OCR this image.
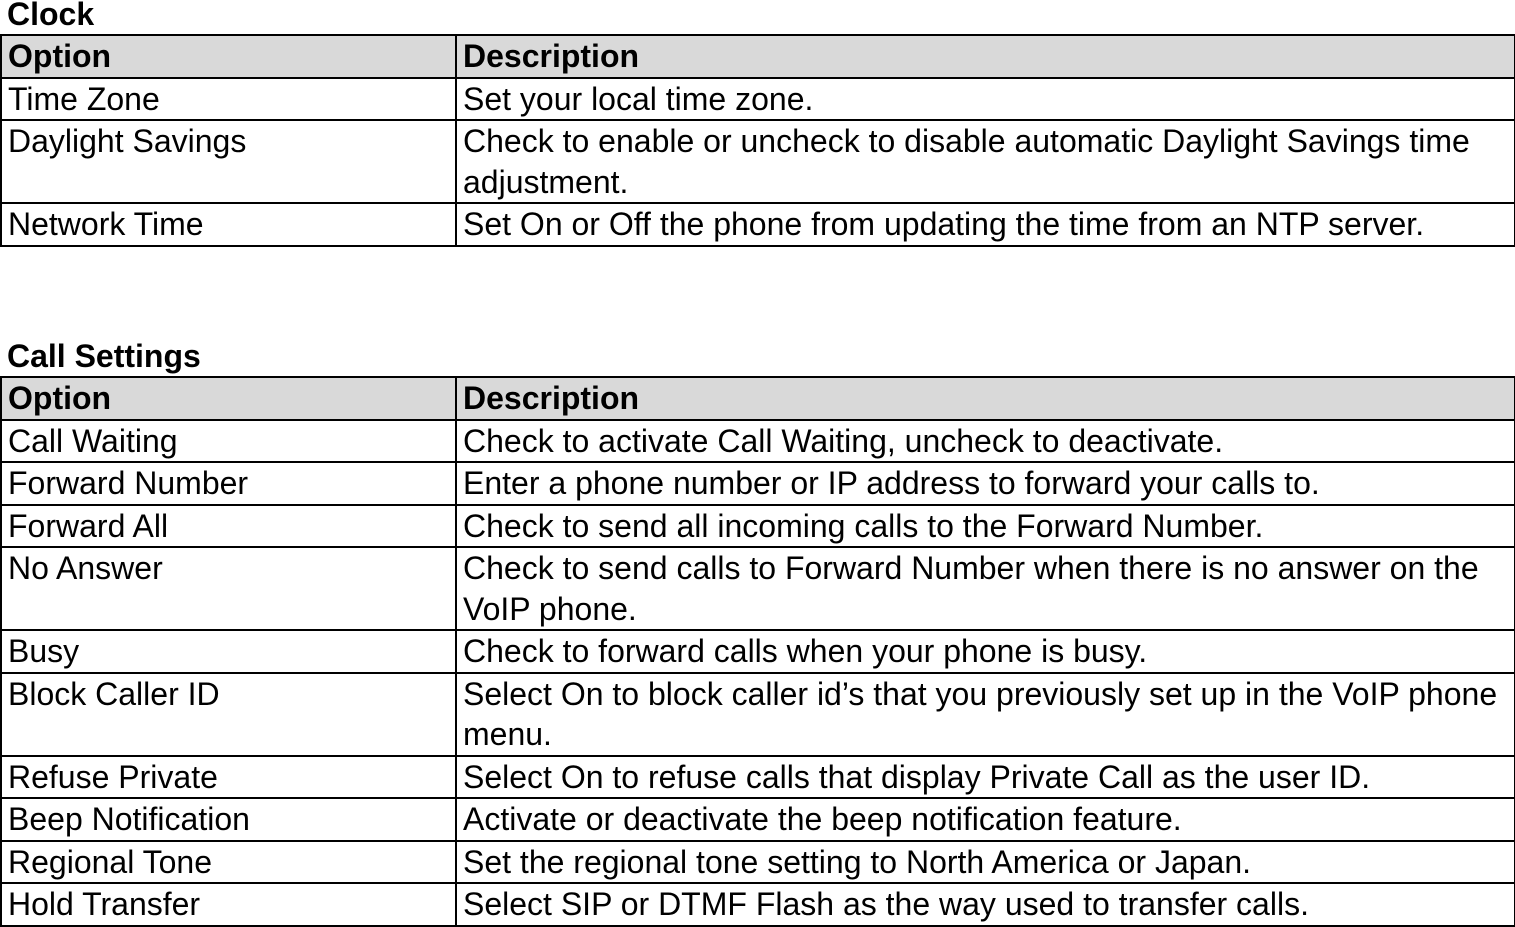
Clock
Option	Description
Time Zone	Set your local time zone.
Daylight Savings	Check to enable or uncheck to disable automatic Daylight Savings time adjustment.
Network Time	Set On or Off the phone from updating the time from an NTP server.
Call Settings
Option	Description
Call Waiting	Check to activate Call Waiting, uncheck to deactivate.
Forward Number	Enter a phone number or IP address to forward your calls to.
Forward All	Check to send all incoming calls to the Forward Number.
No Answer	Check to send calls to Forward Number when there is no answer on the VoIP phone.
Busy	Check to forward calls when your phone is busy.
Block Caller ID	Select On to block caller id’s that you previously set up in the VoIP phone menu.
Refuse Private	Select On to refuse calls that display Private Call as the user ID.
Beep Notification	Activate or deactivate the beep notification feature.
Regional Tone	Set the regional tone setting to North America or Japan.
Hold Transfer	Select SIP or DTMF Flash as the way used to transfer calls.
